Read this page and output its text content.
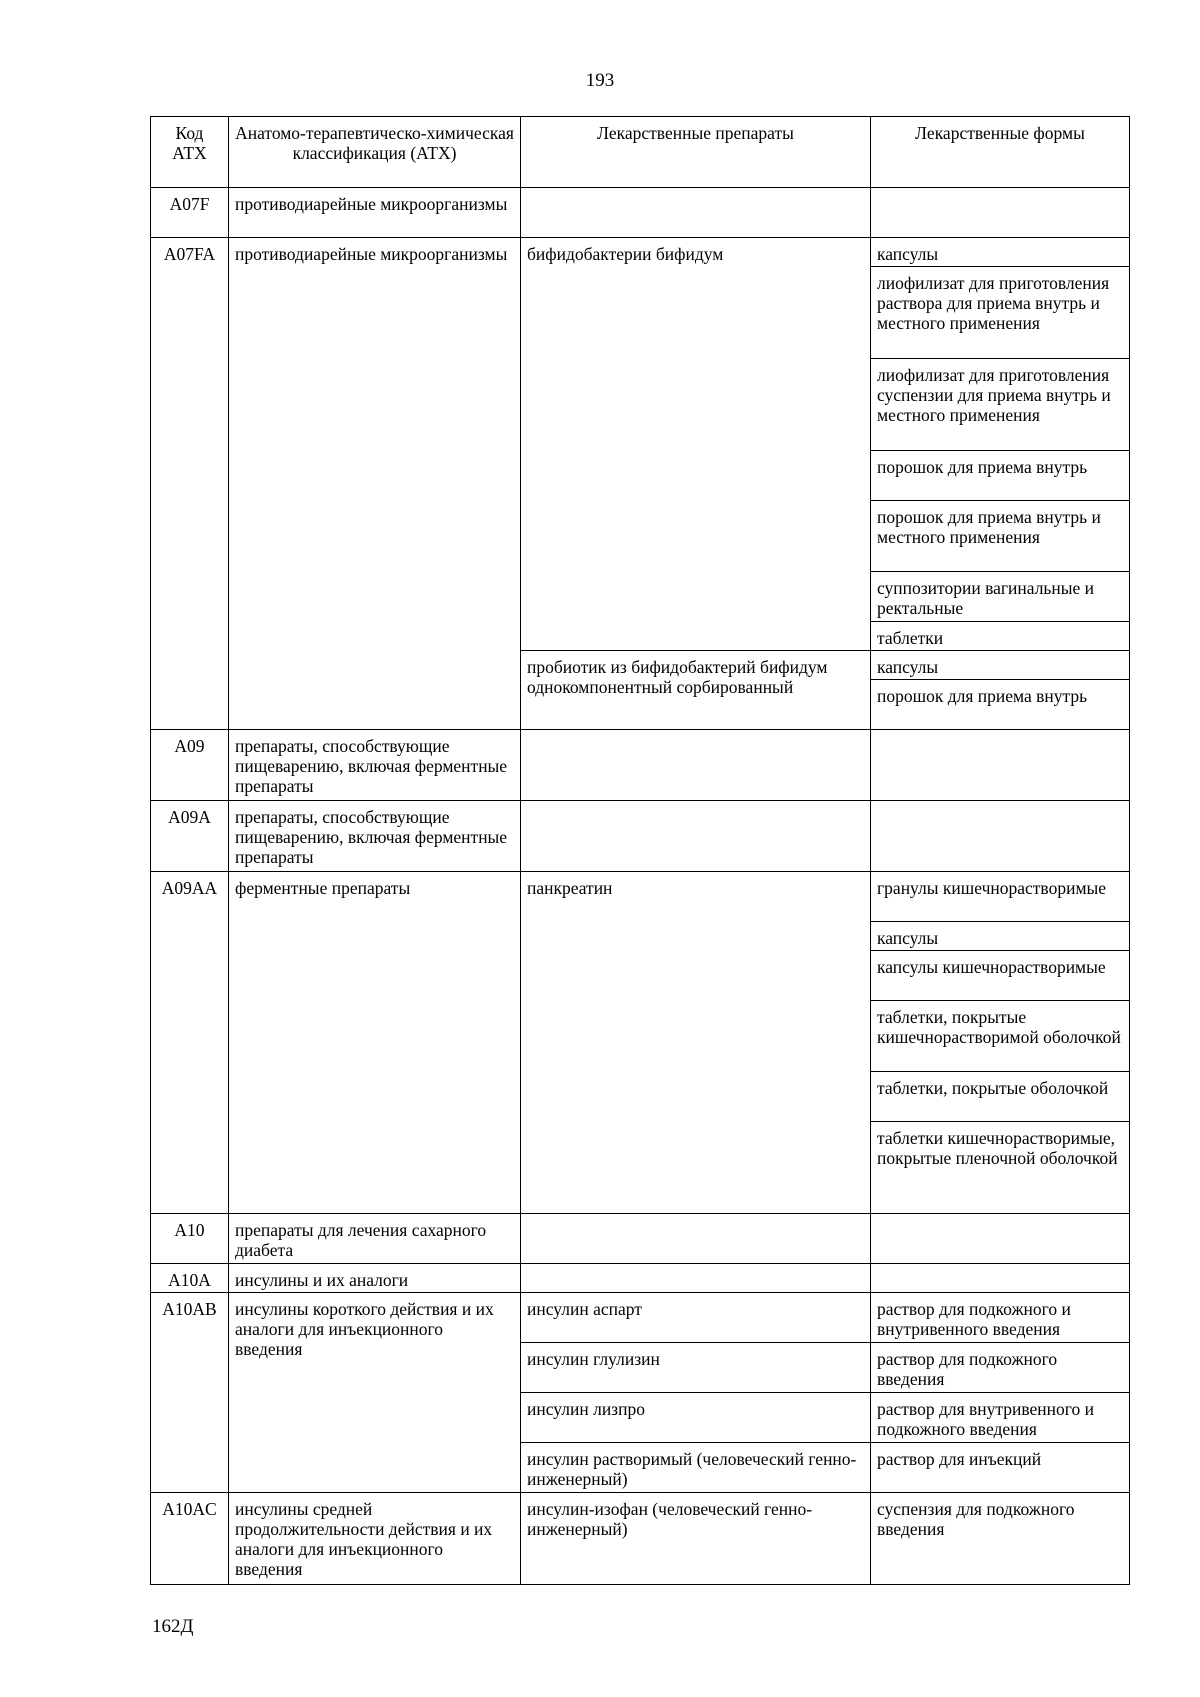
193
Код АТХ	Анатомо-терапевтическо-химическая классификация (АТХ)	Лекарственные препараты	Лекарственные формы
A07F	противодиарейные микроорганизмы		
A07FA	противодиарейные микроорганизмы	бифидобактерии бифидум	капсулы
			лиофилизат для приготовления раствора для приема внутрь и местного применения
			лиофилизат для приготовления суспензии для приема внутрь и местного применения
			порошок для приема внутрь
			порошок для приема внутрь и местного применения
			суппозитории вагинальные и ректальные
			таблетки
		пробиотик из бифидобактерий бифидум однокомпонентный сорбированный	капсулы
			порошок для приема внутрь
A09	препараты, способствующие пищеварению, включая ферментные препараты		
A09A	препараты, способствующие пищеварению, включая ферментные препараты		
A09AA	ферментные препараты	панкреатин	гранулы кишечнорастворимые
			капсулы
			капсулы кишечнорастворимые
			таблетки, покрытые кишечнорастворимой оболочкой
			таблетки, покрытые оболочкой
			таблетки кишечнорастворимые, покрытые пленочной оболочкой
A10	препараты для лечения сахарного диабета		
A10A	инсулины и их аналоги		
A10AB	инсулины короткого действия и их аналоги для инъекционного введения	инсулин аспарт	раствор для подкожного и внутривенного введения
		инсулин глулизин	раствор для подкожного введения
		инсулин лизпро	раствор для внутривенного и подкожного введения
		инсулин растворимый (человеческий генно-инженерный)	раствор для инъекций
A10AC	инсулины средней продолжительности действия и их аналоги для инъекционного введения	инсулин-изофан (человеческий генно-инженерный)	суспензия для подкожного введения
162Д
